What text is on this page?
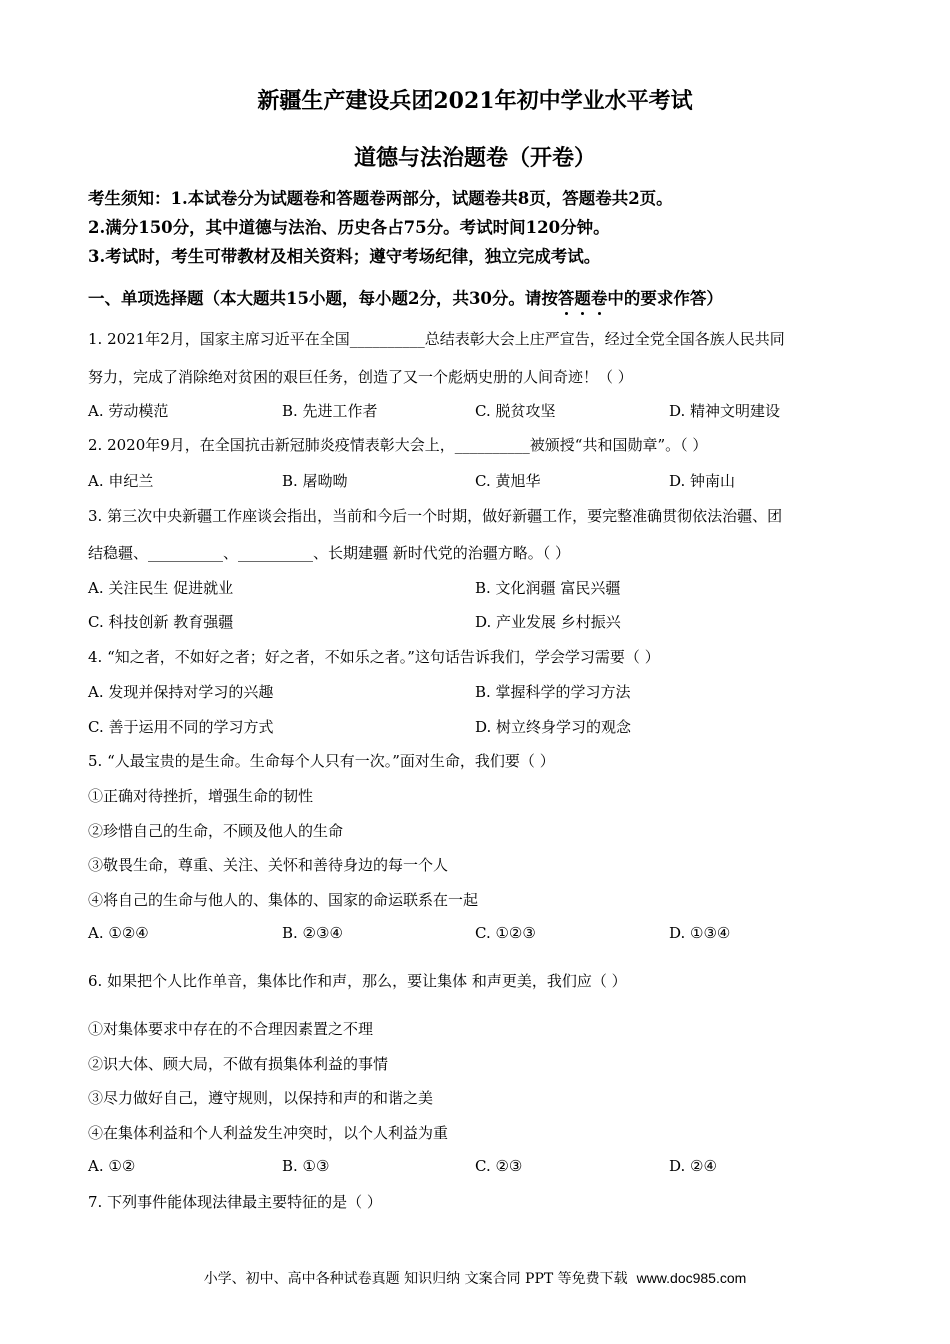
新疆生产建设兵团2021年初中学业水平考试
道德与法治题卷（开卷）
考生须知：1.本试卷分为试题卷和答题卷两部分，试题卷共8页，答题卷共2页。
2.满分150分，其中道德与法治、历史各占75分。考试时间120分钟。
3.考试时，考生可带教材及相关资料；遵守考场纪律，独立完成考试。
一、单项选择题（本大题共15小题，每小题2分，共30分。请按答题卷中的要求作答）
1. 2021年2月，国家主席习近平在全国__________总结表彰大会上庄严宣告，经过全党全国各族人民共同
努力，完成了消除绝对贫困的艰巨任务，创造了又一个彪炳史册的人间奇迹！（ ）
A. 劳动模范	B. 先进工作者	C. 脱贫攻坚	D. 精神文明建设
2. 2020年9月，在全国抗击新冠肺炎疫情表彰大会上，__________被颁授“共和国勋章”。（ ）
A. 申纪兰	B. 屠呦呦	C. 黄旭华	D. 钟南山
3. 第三次中央新疆工作座谈会指出，当前和今后一个时期，做好新疆工作，要完整准确贯彻依法治疆、团
结稳疆、__________、__________、长期建疆 新时代党的治疆方略。（ ）
A. 关注民生 促进就业	B. 文化润疆 富民兴疆
C. 科技创新 教育强疆	D. 产业发展 乡村振兴
4. “知之者，不如好之者；好之者，不如乐之者。”这句话告诉我们，学会学习需要（ ）
A. 发现并保持对学习的兴趣	B. 掌握科学的学习方法
C. 善于运用不同的学习方式	D. 树立终身学习的观念
5. “人最宝贵的是生命。生命每个人只有一次。”面对生命，我们要（ ）
①正确对待挫折，增强生命的韧性
②珍惜自己的生命，不顾及他人的生命
③敬畏生命，尊重、关注、关怀和善待身边的每一个人
④将自己的生命与他人的、集体的、国家的命运联系在一起
A. ①②④	B. ②③④	C. ①②③	D. ①③④
6. 如果把个人比作单音，集体比作和声，那么，要让集体 和声更美，我们应（ ）
①对集体要求中存在的不合理因素置之不理
②识大体、顾大局，不做有损集体利益的事情
③尽力做好自己，遵守规则，以保持和声的和谐之美
④在集体利益和个人利益发生冲突时，以个人利益为重
A. ①②	B. ①③	C. ②③	D. ②④
7. 下列事件能体现法律最主要特征的是（ ）
小学、初中、高中各种试卷真题 知识归纳 文案合同 PPT 等免费下载 www.doc985.com
